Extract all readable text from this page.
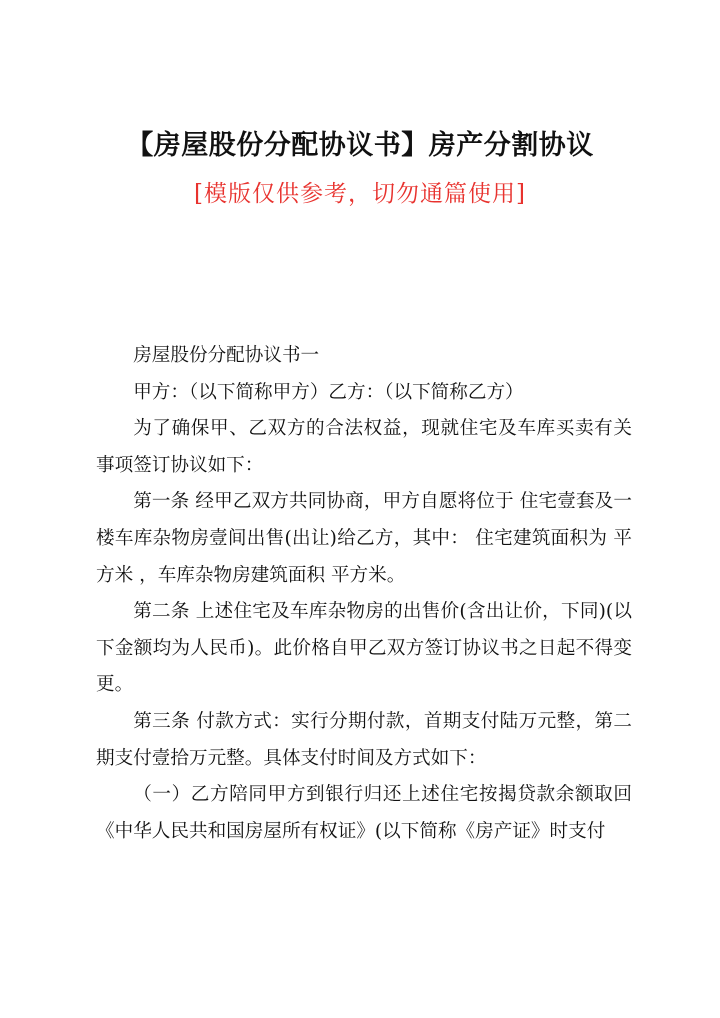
【房屋股份分配协议书】房产分割协议
[模版仅供参考，切勿通篇使用]

房屋股份分配协议书一

甲方：（以下简称甲方）乙方：（以下简称乙方）

为了确保甲、乙双方的合法权益，现就住宅及车库买卖有关事项签订协议如下：

第一条 经甲乙双方共同协商，甲方自愿将位于 住宅壹套及一楼车库杂物房壹间出售(出让)给乙方，其中： 住宅建筑面积为 平方米 ，车库杂物房建筑面积 平方米。

第二条 上述住宅及车库杂物房的出售价(含出让价，下同)(以下金额均为人民币)。此价格自甲乙双方签订协议书之日起不得变更。

第三条 付款方式：实行分期付款，首期支付陆万元整，第二期支付壹拾万元整。具体支付时间及方式如下：

（一）乙方陪同甲方到银行归还上述住宅按揭贷款余额取回《中华人民共和国房屋所有权证》(以下简称《房产证》时支付
